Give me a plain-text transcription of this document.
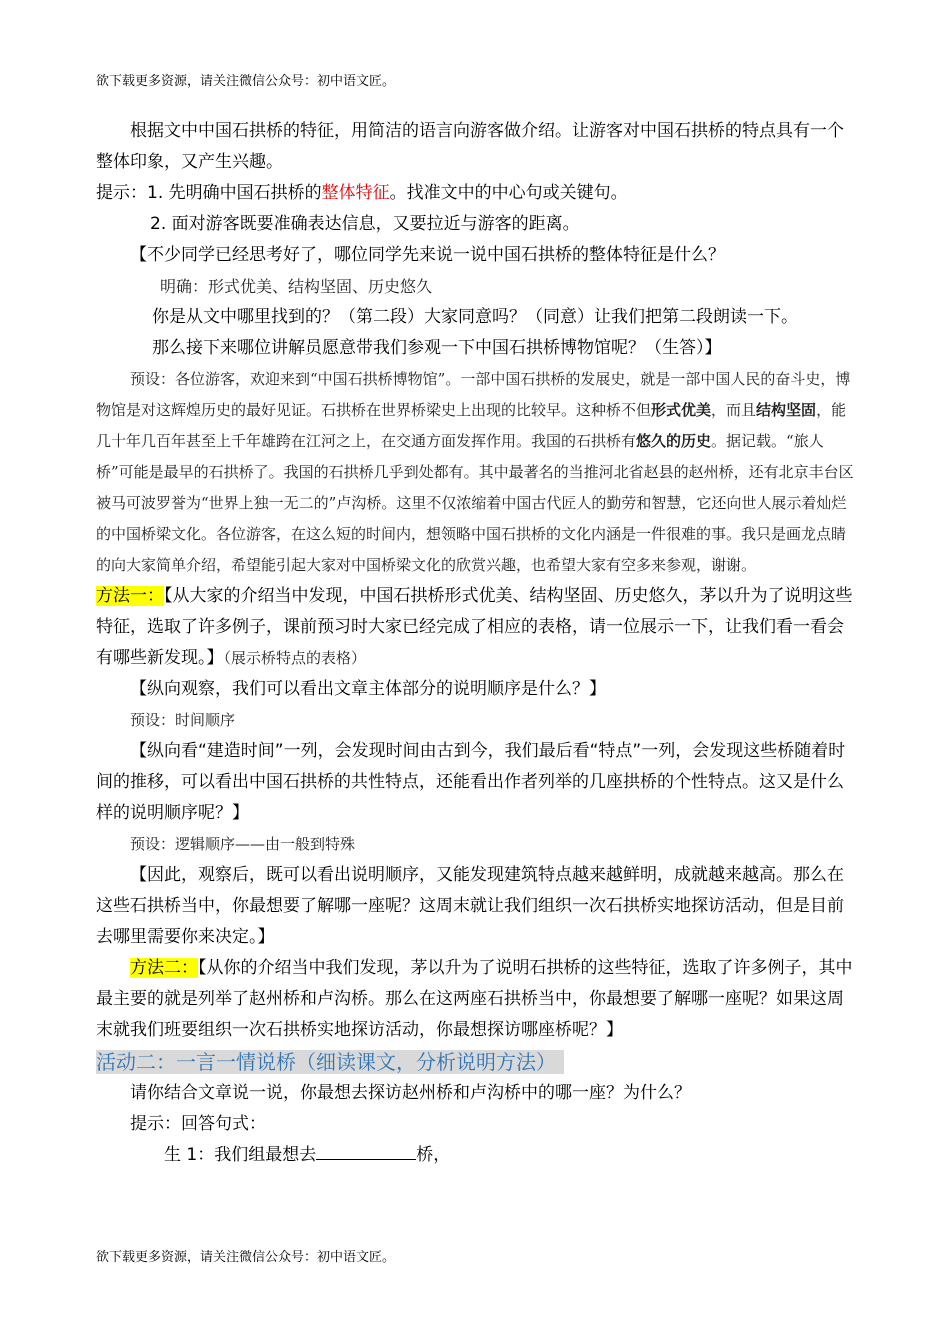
欲下载更多资源，请关注微信公众号：初中语文匠。

根据文中中国石拱桥的特征，用简洁的语言向游客做介绍。让游客对中国石拱桥的特点具有一个整体印象，又产生兴趣。

提示：1. 先明确中国石拱桥的整体特征。找准文中的中心句或关键句。

2. 面对游客既要准确表达信息，又要拉近与游客的距离。

【不少同学已经思考好了，哪位同学先来说一说中国石拱桥的整体特征是什么？

明确：形式优美、结构坚固、历史悠久

你是从文中哪里找到的？（第二段）大家同意吗？（同意）让我们把第二段朗读一下。

那么接下来哪位讲解员愿意带我们参观一下中国石拱桥博物馆呢？（生答）】

预设：各位游客，欢迎来到“中国石拱桥博物馆”。一部中国石拱桥的发展史，就是一部中国人民的奋斗史，博物馆是对这辉煌历史的最好见证。石拱桥在世界桥梁史上出现的比较早。这种桥不但形式优美，而且结构坚固，能几十年几百年甚至上千年雄跨在江河之上，在交通方面发挥作用。我国的石拱桥有悠久的历史。据记载。“旅人桥”可能是最早的石拱桥了。我国的石拱桥几乎到处都有。其中最著名的当推河北省赵县的赵州桥，还有北京丰台区被马可波罗誉为“世界上独一无二的”卢沟桥。这里不仅浓缩着中国古代匠人的勤劳和智慧，它还向世人展示着灿烂的中国桥梁文化。各位游客，在这么短的时间内，想领略中国石拱桥的文化内涵是一件很难的事。我只是画龙点睛的向大家简单介绍，希望能引起大家对中国桥梁文化的欣赏兴趣，也希望大家有空多来参观，谢谢。

方法一：【从大家的介绍当中发现，中国石拱桥形式优美、结构坚固、历史悠久，茅以升为了说明这些特征，选取了许多例子，课前预习时大家已经完成了相应的表格，请一位展示一下，让我们看一看会有哪些新发现。】（展示桥特点的表格）

【纵向观察，我们可以看出文章主体部分的说明顺序是什么？】

预设：时间顺序

【纵向看“建造时间”一列，会发现时间由古到今，我们最后看“特点”一列，会发现这些桥随着时间的推移，可以看出中国石拱桥的共性特点，还能看出作者列举的几座拱桥的个性特点。这又是什么样的说明顺序呢？】

预设：逻辑顺序——由一般到特殊

【因此，观察后，既可以看出说明顺序，又能发现建筑特点越来越鲜明，成就越来越高。那么在这些石拱桥当中，你最想要了解哪一座呢？这周末就让我们组织一次石拱桥实地探访活动，但是目前去哪里需要你来决定。】

方法二：【从你的介绍当中我们发现，茅以升为了说明石拱桥的这些特征，选取了许多例子，其中最主要的就是列举了赵州桥和卢沟桥。那么在这两座石拱桥当中，你最想要了解哪一座呢？如果这周末就我们班要组织一次石拱桥实地探访活动，你最想探访哪座桥呢？】

活动二：一言一情说桥（细读课文，分析说明方法）

请你结合文章说一说，你最想去探访赵州桥和卢沟桥中的哪一座？为什么？

提示：回答句式：

生 1：我们组最想去	桥，

欲下载更多资源，请关注微信公众号：初中语文匠。
